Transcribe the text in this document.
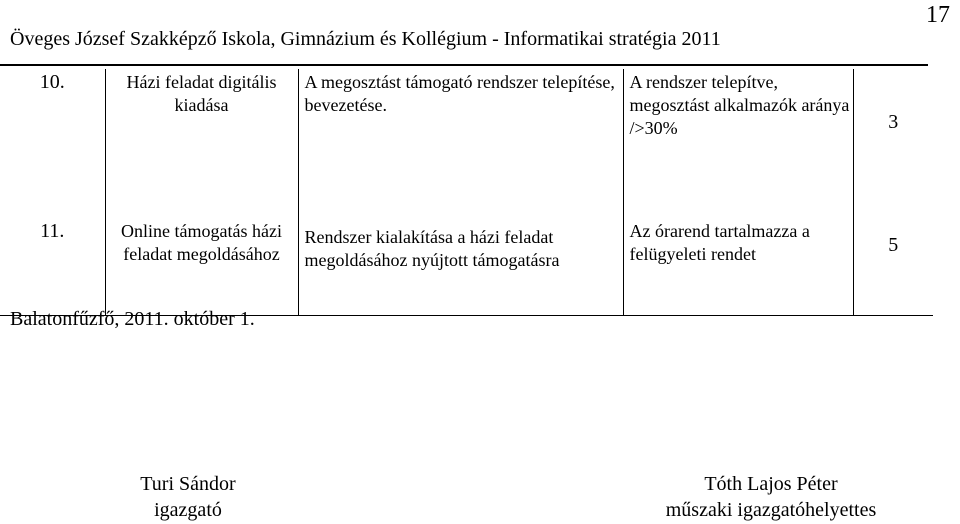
17
Öveges József Szakképző Iskola, Gimnázium és Kollégium - Informatikai stratégia 2011
10.	Házi feladat digitális kiadása	A megosztást támogató rendszer telepítése, bevezetése.	A rendszer telepítve, megosztást alkalmazók aránya />30%	3
11.	Online támogatás házi feladat megoldásához	Rendszer kialakítása a házi feladat megoldásához nyújtott támogatásra	Az órarend tartalmazza a felügyeleti rendet	5
Balatonfűzfő, 2011. október 1.
Turi Sándor
igazgató
Tóth Lajos Péter
műszaki igazgatóhelyettes
